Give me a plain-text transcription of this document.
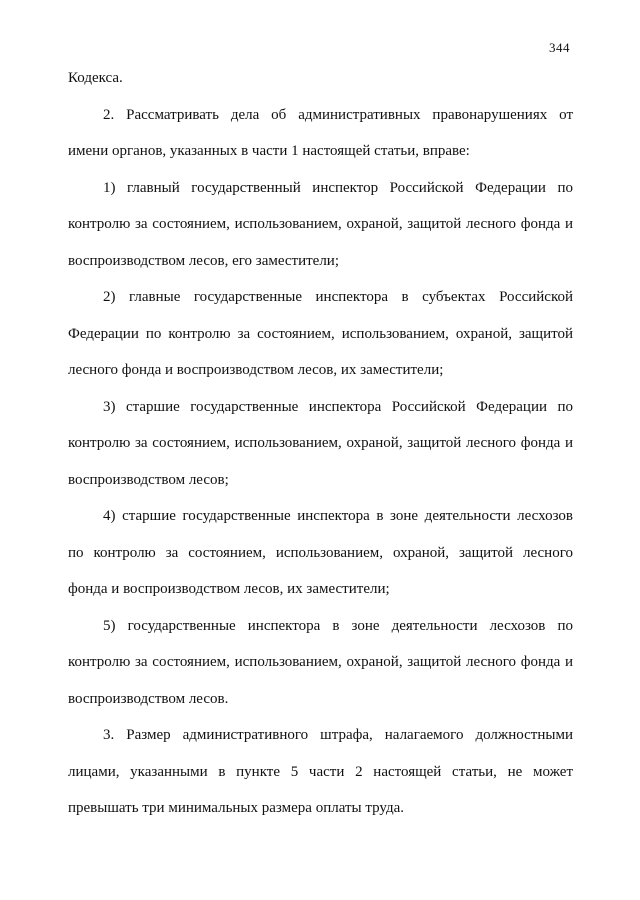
344
Кодекса.
2. Рассматривать дела об административных правонарушениях от
имени органов, указанных в части 1 настоящей статьи, вправе:
1) главный государственный инспектор Российской Федерации по
контролю за состоянием, использованием, охраной, защитой лесного фонда и
воспроизводством лесов, его заместители;
2) главные государственные инспектора в субъектах Российской
Федерации по контролю за состоянием, использованием, охраной, защитой
лесного фонда и воспроизводством лесов, их заместители;
3) старшие государственные инспектора Российской Федерации по
контролю за состоянием, использованием, охраной, защитой лесного фонда и
воспроизводством лесов;
4) старшие государственные инспектора в зоне деятельности лесхозов
по контролю за состоянием, использованием, охраной, защитой лесного
фонда и воспроизводством лесов, их заместители;
5) государственные инспектора в зоне деятельности лесхозов по
контролю за состоянием, использованием, охраной, защитой лесного фонда и
воспроизводством лесов.
3. Размер административного штрафа, налагаемого должностными
лицами, указанными в пункте 5 части 2 настоящей статьи, не может
превышать три минимальных размера оплаты труда.
